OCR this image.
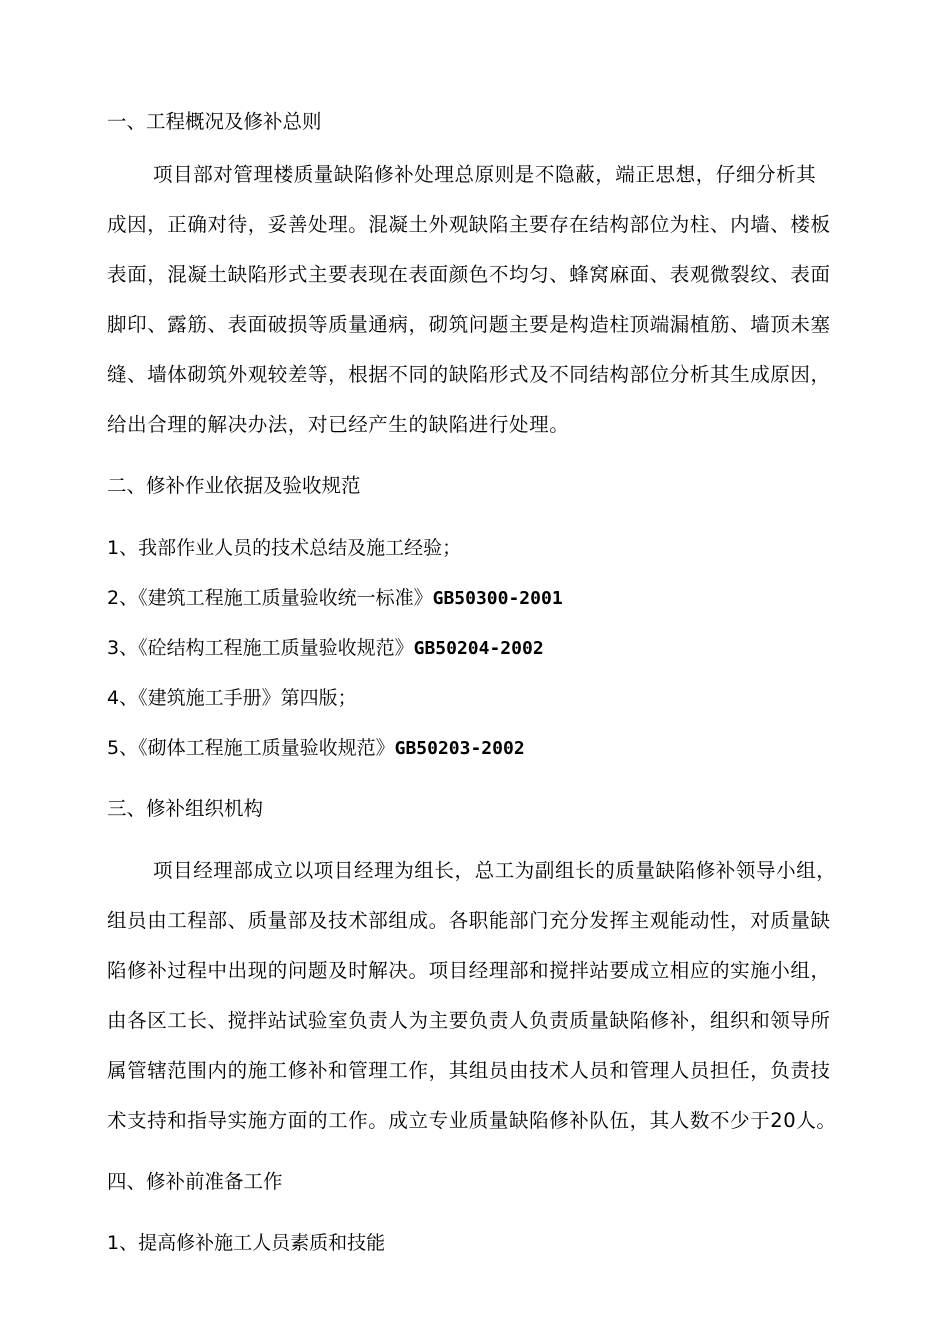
一、工程概况及修补总则
项目部对管理楼质量缺陷修补处理总原则是不隐蔽，端正思想，仔细分析其
成因，正确对待，妥善处理。混凝土外观缺陷主要存在结构部位为柱、内墙、楼板
表面，混凝土缺陷形式主要表现在表面颜色不均匀、蜂窝麻面、表观微裂纹、表面
脚印、露筋、表面破损等质量通病，砌筑问题主要是构造柱顶端漏植筋、墙顶未塞
缝、墙体砌筑外观较差等，根据不同的缺陷形式及不同结构部位分析其生成原因，
给出合理的解决办法，对已经产生的缺陷进行处理。
二、修补作业依据及验收规范
1、我部作业人员的技术总结及施工经验；
2、《建筑工程施工质量验收统一标准》GB50300-2001
3、《砼结构工程施工质量验收规范》GB50204-2002
4、《建筑施工手册》第四版；
5、《砌体工程施工质量验收规范》GB50203-2002
三、修补组织机构
项目经理部成立以项目经理为组长，总工为副组长的质量缺陷修补领导小组，
组员由工程部、质量部及技术部组成。各职能部门充分发挥主观能动性，对质量缺
陷修补过程中出现的问题及时解决。项目经理部和搅拌站要成立相应的实施小组，
由各区工长、搅拌站试验室负责人为主要负责人负责质量缺陷修补，组织和领导所
属管辖范围内的施工修补和管理工作，其组员由技术人员和管理人员担任，负责技
术支持和指导实施方面的工作。成立专业质量缺陷修补队伍，其人数不少于20人。
四、修补前准备工作
1、提高修补施工人员素质和技能
